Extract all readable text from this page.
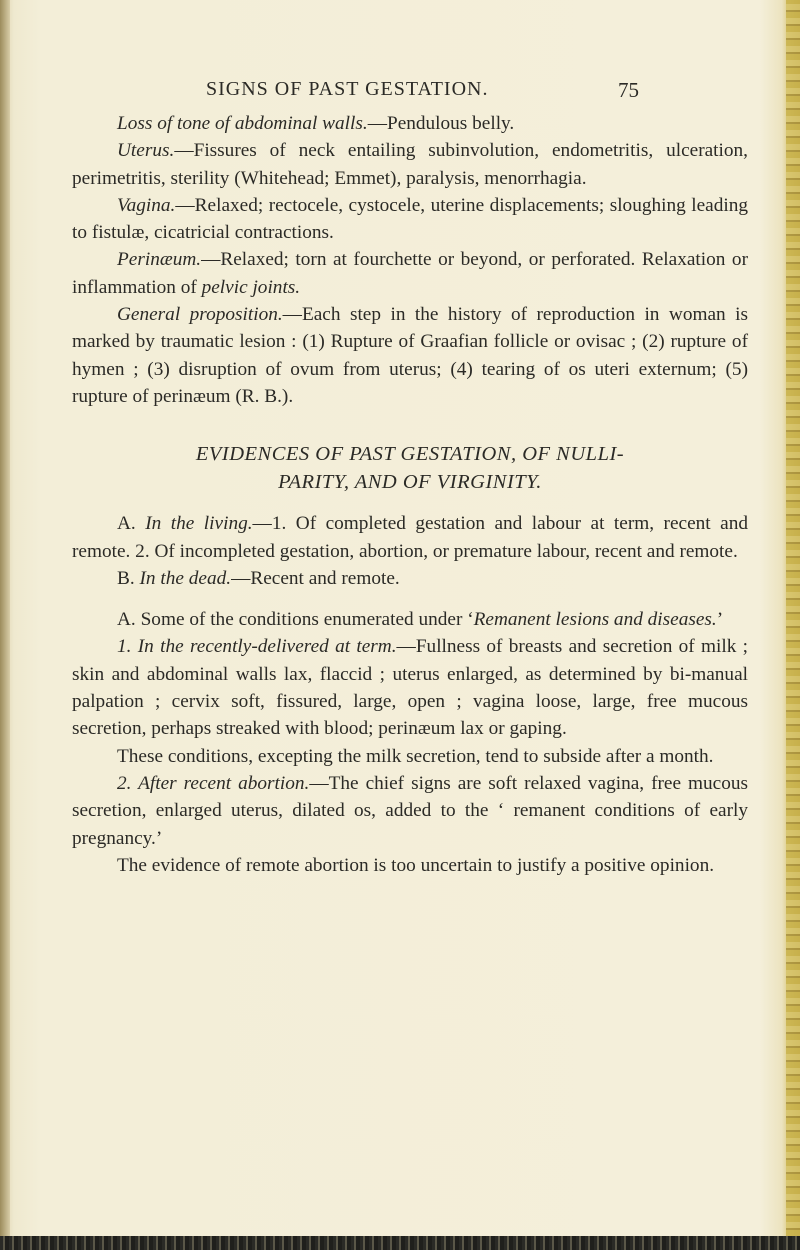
SIGNS OF PAST GESTATION.	75

Loss of tone of abdominal walls.—Pendulous belly.

Uterus.—Fissures of neck entailing subinvolution, endometritis, ulceration, perimetritis, sterility (Whitehead; Emmet), paralysis, menorrhagia.

Vagina.—Relaxed; rectocele, cystocele, uterine displacements; sloughing leading to fistulæ, cicatricial contractions.

Perinæum.—Relaxed; torn at fourchette or beyond, or perforated. Relaxation or inflammation of pelvic joints.

General proposition.—Each step in the history of reproduction in woman is marked by traumatic lesion : (1) Rupture of Graafian follicle or ovisac ; (2) rupture of hymen ; (3) disruption of ovum from uterus; (4) tearing of os uteri externum; (5) rupture of perinæum (R. B.).

EVIDENCES OF PAST GESTATION, OF NULLI-
PARITY, AND OF VIRGINITY.

A. In the living.—1. Of completed gestation and labour at term, recent and remote. 2. Of incompleted gestation, abortion, or premature labour, recent and remote.

B. In the dead.—Recent and remote.

A. Some of the conditions enumerated under ‘Remanent lesions and diseases.’

1. In the recently-delivered at term.—Fullness of breasts and secretion of milk ; skin and abdominal walls lax, flaccid ; uterus enlarged, as determined by bi-manual palpation ; cervix soft, fissured, large, open ; vagina loose, large, free mucous secretion, perhaps streaked with blood; perinæum lax or gaping.

These conditions, excepting the milk secretion, tend to subside after a month.

2. After recent abortion.—The chief signs are soft relaxed vagina, free mucous secretion, enlarged uterus, dilated os, added to the ‘ remanent conditions of early pregnancy.’

The evidence of remote abortion is too uncertain to justify a positive opinion.
